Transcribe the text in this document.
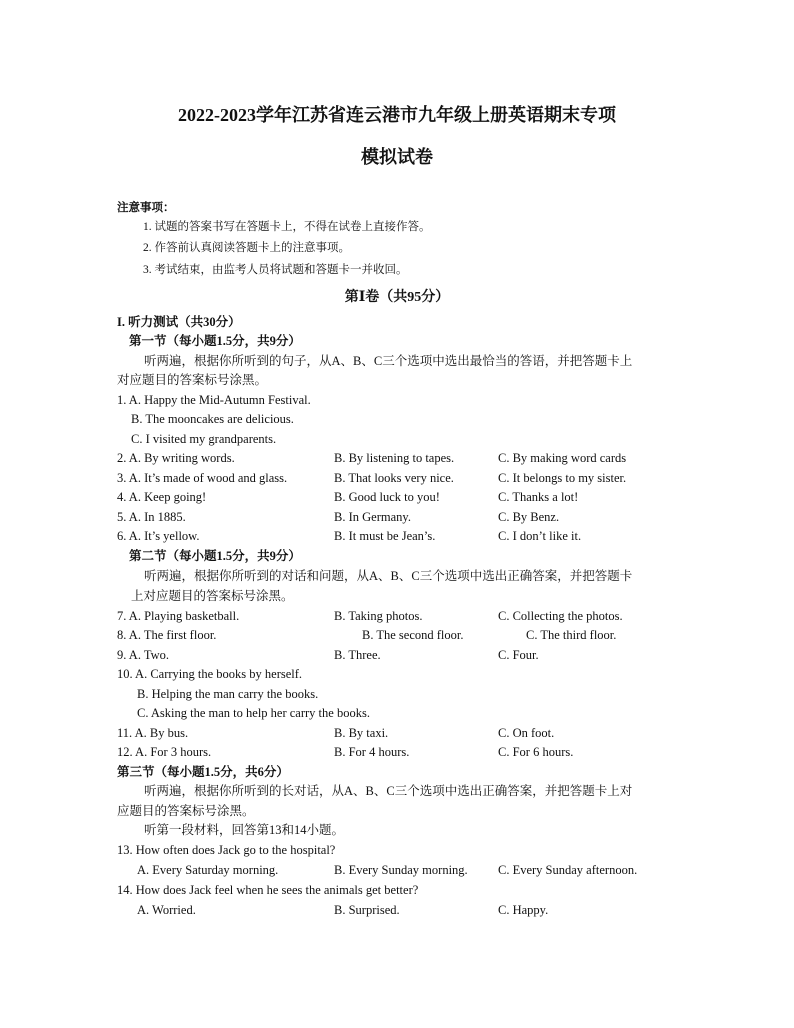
2022-2023学年江苏省连云港市九年级上册英语期末专项
模拟试卷
注意事项：
1. 试题的答案书写在答题卡上，不得在试卷上直接作答。
2. 作答前认真阅读答题卡上的注意事项。
3. 考试结束，由监考人员将试题和答题卡一并收回。
第Ⅰ卷（共95分）
I. 听力测试（共30分）
第一节（每小题1.5分，共9分）
听两遍，根据你所听到的句子，从A、B、C三个选项中选出最恰当的答语，并把答题卡上
对应题目的答案标号涂黑。
1. A. Happy the Mid-Autumn Festival.
B. The mooncakes are delicious.
C. I visited my grandparents.
2. A. By writing words.	B. By listening to tapes.	C. By making word cards
3. A. It’s made of wood and glass.	B. That looks very nice.	C. It belongs to my sister.
4. A. Keep going!	B. Good luck to you!	C. Thanks a lot!
5. A. In 1885.	B. In Germany.	C. By Benz.
6. A. It’s yellow.	B. It must be Jean’s.	C. I don’t like it.
第二节（每小题1.5分，共9分）
听两遍，根据你所听到的对话和问题，从A、B、C三个选项中选出正确答案，并把答题卡
上对应题目的答案标号涂黑。
7. A. Playing basketball.	B. Taking photos.	C. Collecting the photos.
8. A. The first floor.	B. The second floor.	C. The third floor.
9. A. Two.	B. Three.	C. Four.
10. A. Carrying the books by herself.
B. Helping the man carry the books.
C. Asking the man to help her carry the books.
11. A. By bus.	B. By taxi.	C. On foot.
12. A. For 3 hours.	B. For 4 hours.	C. For 6 hours.
第三节（每小题1.5分，共6分）
听两遍，根据你所听到的长对话，从A、B、C三个选项中选出正确答案，并把答题卡上对
应题目的答案标号涂黑。
听第一段材料，回答第13和14小题。
13. How often does Jack go to the hospital?
A. Every Saturday morning.	B. Every Sunday morning. C. Every Sunday afternoon.
14. How does Jack feel when he sees the animals get better?
A. Worried.	B. Surprised.	C. Happy.
